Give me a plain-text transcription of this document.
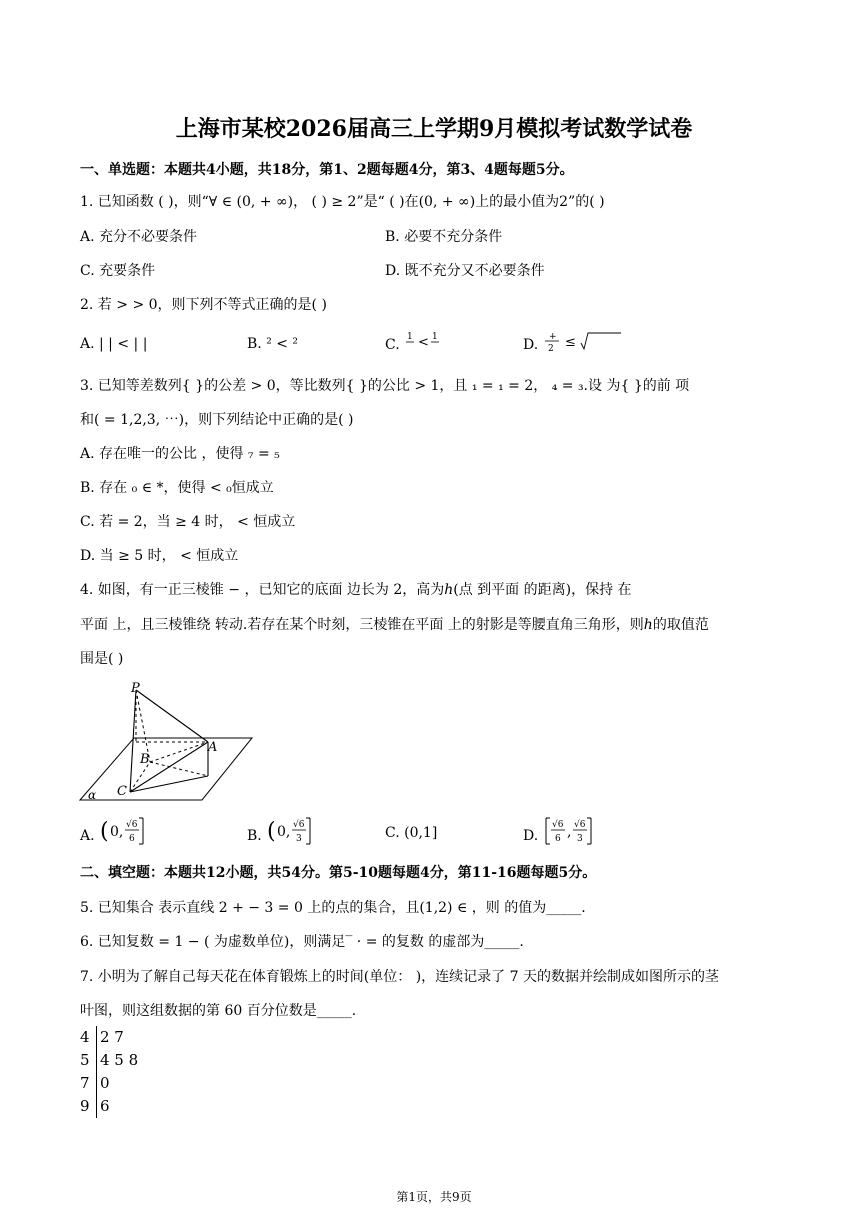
上海市某校2026届高三上学期9月模拟考试数学试卷
一、单选题：本题共4小题，共18分，第1、2题每题4分，第3、4题每题5分。
1. 已知函数 ( )，则“∀ ∈ (0, + ∞)， ( ) ≥ 2”是“ ( )在(0, + ∞)上的最小值为2”的( )
A. 充分不必要条件	B. 必要不充分条件
C. 充要条件	D. 既不充分又不必要条件
2. 若 > > 0，则下列不等式正确的是( )
A. | | < | |	B. ² < ²	C. 1 < 1	D. +
2 ≤
3. 已知等差数列{ }的公差 > 0，等比数列{ }的公比 > 1，且 ₁ = ₁ = 2， ₄ = ₃.设 为{ }的前 项
和( = 1,2,3, ⋯)，则下列结论中正确的是( )
A. 存在唯一的公比 ，使得 ₇ = ₅
B. 存在 ₀ ∈ *，使得 < ₀恒成立
C. 若 = 2，当 ≥ 4 时， < 恒成立
D. 当 ≥ 5 时， < 恒成立
4. 如图，有一正三棱锥 − ，已知它的底面 边长为 2，高为ℎ(点 到平面 的距离)，保持 在
平面 上，且三棱锥绕 转动.若存在某个时刻，三棱锥在平面 上的射影是等腰直角三角形，则ℎ的取值范
围是( )
P
A
B
C
α
A. ( 0, √6
6	B. ( 0, √6
3	C. (0,1]	D.
√6
6 , √6
3
二、填空题：本题共12小题，共54分。第5-10题每题4分，第11-16题每题5分。
5. 已知集合 表示直线 2 + − 3 = 0 上的点的集合，且(1,2) ∈ ，则 的值为_____.
6. 已知复数 = 1 − ( 为虚数单位)，则满足‾ · = 的复数 的虚部为_____.
7. 小明为了解自己每天花在体育锻炼上的时间(单位： )，连续记录了 7 天的数据并绘制成如图所示的茎
叶图，则这组数据的第 60 百分位数是_____.
4 2 7
5 4 5 8
7 0
9 6
第1页，共9页
